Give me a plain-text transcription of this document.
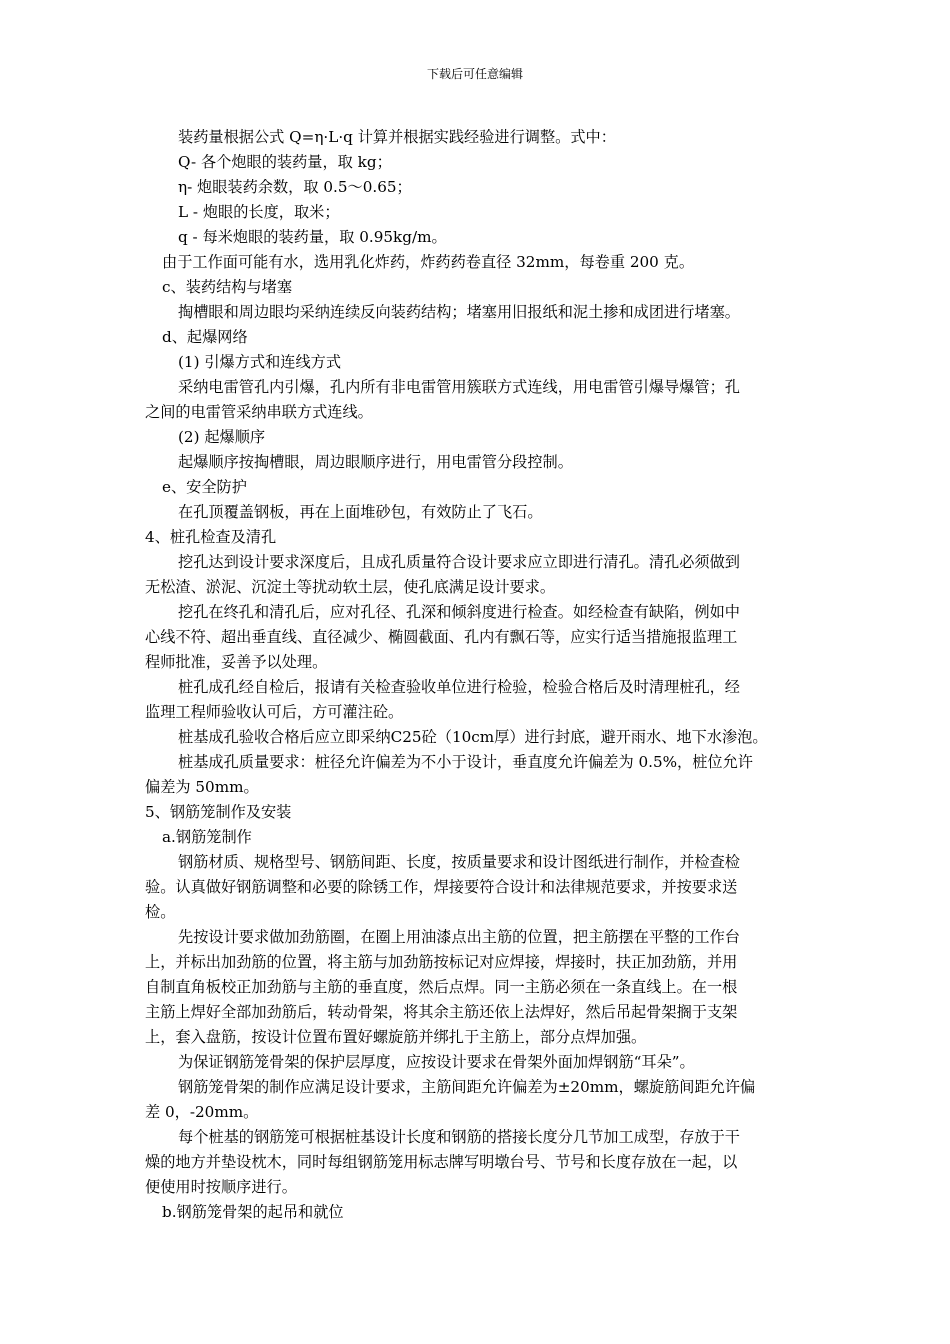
下载后可任意编辑
装药量根据公式 Q=η·L·q 计算并根据实践经验进行调整。式中：
Q- 各个炮眼的装药量，取 kg；
η- 炮眼装药余数，取 0.5～0.65；
L - 炮眼的长度，取米；
q - 每米炮眼的装药量，取 0.95kg/m。
由于工作面可能有水，选用乳化炸药，炸药药卷直径 32mm，每卷重 200 克。
c、装药结构与堵塞
掏槽眼和周边眼均采纳连续反向装药结构；堵塞用旧报纸和泥土掺和成团进行堵塞。
d、起爆网络
(1) 引爆方式和连线方式
采纳电雷管孔内引爆，孔内所有非电雷管用簇联方式连线，用电雷管引爆导爆管；孔
之间的电雷管采纳串联方式连线。
(2) 起爆顺序
起爆顺序按掏槽眼，周边眼顺序进行，用电雷管分段控制。
e、安全防护
在孔顶覆盖钢板，再在上面堆砂包，有效防止了飞石。
4、桩孔检查及清孔
挖孔达到设计要求深度后，且成孔质量符合设计要求应立即进行清孔。清孔必须做到
无松渣、淤泥、沉淀土等扰动软土层，使孔底满足设计要求。
挖孔在终孔和清孔后，应对孔径、孔深和倾斜度进行检查。如经检查有缺陷，例如中
心线不符、超出垂直线、直径减少、椭圆截面、孔内有飘石等，应实行适当措施报监理工
程师批准，妥善予以处理。
桩孔成孔经自检后，报请有关检查验收单位进行检验，检验合格后及时清理桩孔，经
监理工程师验收认可后，方可灌注砼。
桩基成孔验收合格后应立即采纳C25砼（10cm厚）进行封底，避开雨水、地下水渗泡。
桩基成孔质量要求：桩径允许偏差为不小于设计，垂直度允许偏差为 0.5%，桩位允许
偏差为 50mm。
5、钢筋笼制作及安装
a.钢筋笼制作
钢筋材质、规格型号、钢筋间距、长度，按质量要求和设计图纸进行制作，并检查检
验。认真做好钢筋调整和必要的除锈工作，焊接要符合设计和法律规范要求，并按要求送
检。
先按设计要求做加劲筋圈，在圈上用油漆点出主筋的位置，把主筋摆在平整的工作台
上，并标出加劲筋的位置，将主筋与加劲筋按标记对应焊接，焊接时，扶正加劲筋，并用
自制直角板校正加劲筋与主筋的垂直度，然后点焊。同一主筋必须在一条直线上。在一根
主筋上焊好全部加劲筋后，转动骨架，将其余主筋还依上法焊好，然后吊起骨架搁于支架
上，套入盘筋，按设计位置布置好螺旋筋并绑扎于主筋上，部分点焊加强。
为保证钢筋笼骨架的保护层厚度，应按设计要求在骨架外面加焊钢筋“耳朵”。
钢筋笼骨架的制作应满足设计要求，主筋间距允许偏差为±20mm，螺旋筋间距允许偏
差 0，-20mm。
每个桩基的钢筋笼可根据桩基设计长度和钢筋的搭接长度分几节加工成型，存放于干
燥的地方并垫设枕木，同时每组钢筋笼用标志牌写明墩台号、节号和长度存放在一起，以
便使用时按顺序进行。
b.钢筋笼骨架的起吊和就位
